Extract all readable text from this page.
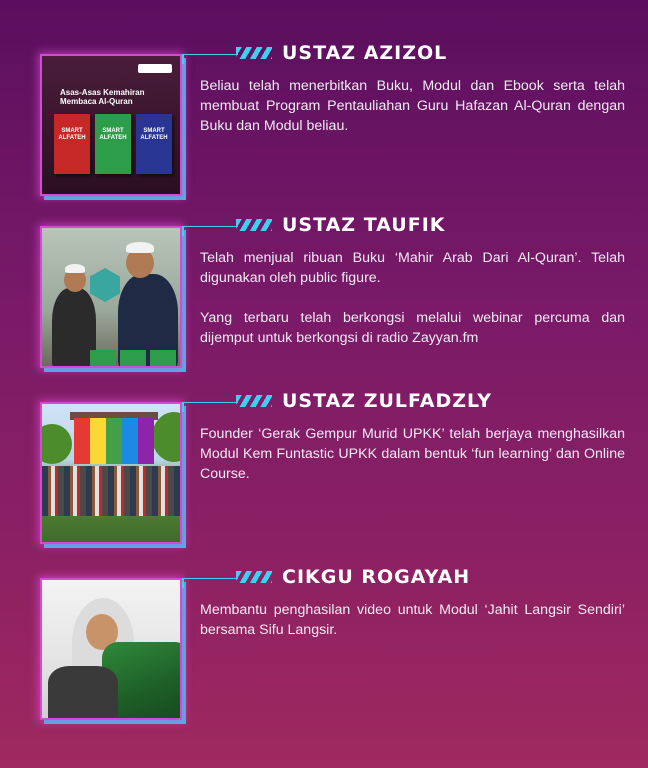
Asas-Asas Kemahiran Membaca Al-Quran
SMART ALFATEH
SMART ALFATEH
SMART ALFATEH
USTAZ AZIZOL

Beliau telah menerbitkan Buku, Modul dan Ebook serta telah membuat Program Pentauliahan Guru Hafazan Al-Quran dengan Buku dan Modul beliau.

USTAZ TAUFIK

Telah menjual ribuan Buku ‘Mahir Arab Dari Al-Quran’. Telah digunakan oleh public figure.

Yang terbaru telah berkongsi melalui webinar percuma dan dijemput untuk berkongsi di radio Zayyan.fm

USTAZ ZULFADZLY

Founder ‘Gerak Gempur Murid UPKK’ telah berjaya menghasilkan Modul Kem Funtastic UPKK dalam bentuk ‘fun learning’ dan Online Course.

CIKGU ROGAYAH

Membantu penghasilan video untuk Modul ‘Jahit Langsir Sendiri’ bersama Sifu Langsir.
